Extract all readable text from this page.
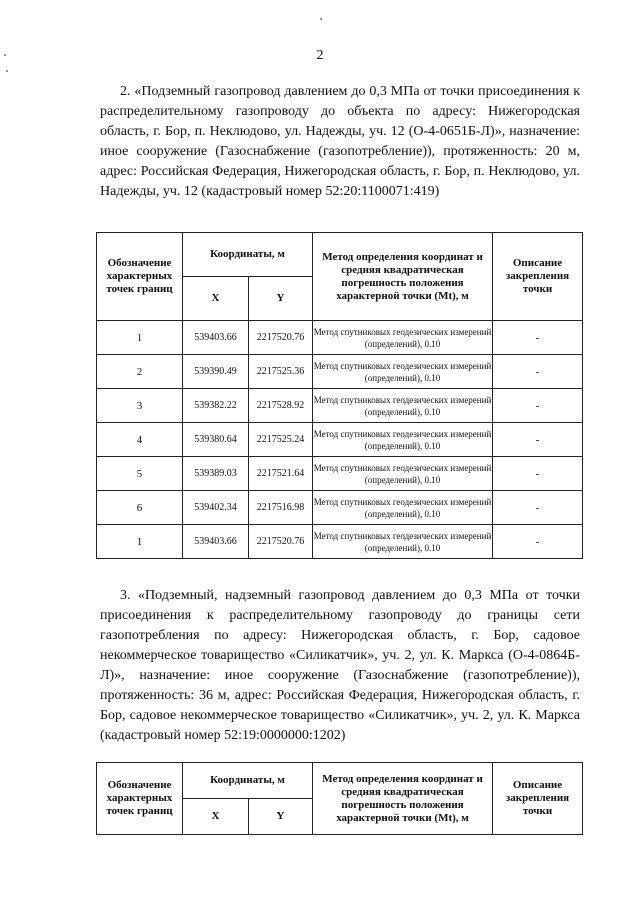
2

2. «Подземный газопровод давлением до 0,3 МПа от точки присоединения к распределительному газопроводу до объекта по адресу: Нижегородская область, г. Бор, п. Неклюдово, ул. Надежды, уч. 12 (О-4-0651Б-Л)», назначение: иное сооружение (Газоснабжение (газопотребление)), протяженность: 20 м, адрес: Российская Федерация, Нижегородская область, г. Бор, п. Неклюдово, ул. Надежды, уч. 12 (кадастровый номер 52:20:1100071:419)

Обозначение характерных точек границ	Координаты, м		Метод определения координат и средняя квадратическая погрешность положения характерной точки (Mt), м	Описание закрепления точки
	X	Y		
1	539403.66	2217520.76	Метод спутниковых геодезических измерений (определений), 0.10	-
2	539390.49	2217525.36	Метод спутниковых геодезических измерений (определений), 0.10	-
3	539382.22	2217528.92	Метод спутниковых геодезических измерений (определений), 0.10	-
4	539380.64	2217525.24	Метод спутниковых геодезических измерений (определений), 0.10	-
5	539389.03	2217521.64	Метод спутниковых геодезических измерений (определений), 0.10	-
6	539402.34	2217516.98	Метод спутниковых геодезических измерений (определений), 0.10	-
1	539403.66	2217520.76	Метод спутниковых геодезических измерений (определений), 0.10	-

3. «Подземный, надземный газопровод давлением до 0,3 МПа от точки присоединения к распределительному газопроводу до границы сети газопотребления по адресу: Нижегородская область, г. Бор, садовое некоммерческое товарищество «Силикатчик», уч. 2, ул. К. Маркса (О-4-0864Б-Л)», назначение: иное сооружение (Газоснабжение (газопотребление)), протяженность: 36 м, адрес: Российская Федерация, Нижегородская область, г. Бор, садовое некоммерческое товарищество «Силикатчик», уч. 2, ул. К. Маркса (кадастровый номер 52:19:0000000:1202)

Обозначение характерных точек границ	Координаты, м		Метод определения координат и средняя квадратическая погрешность положения характерной точки (Mt), м	Описание закрепления точки
	X	Y		
